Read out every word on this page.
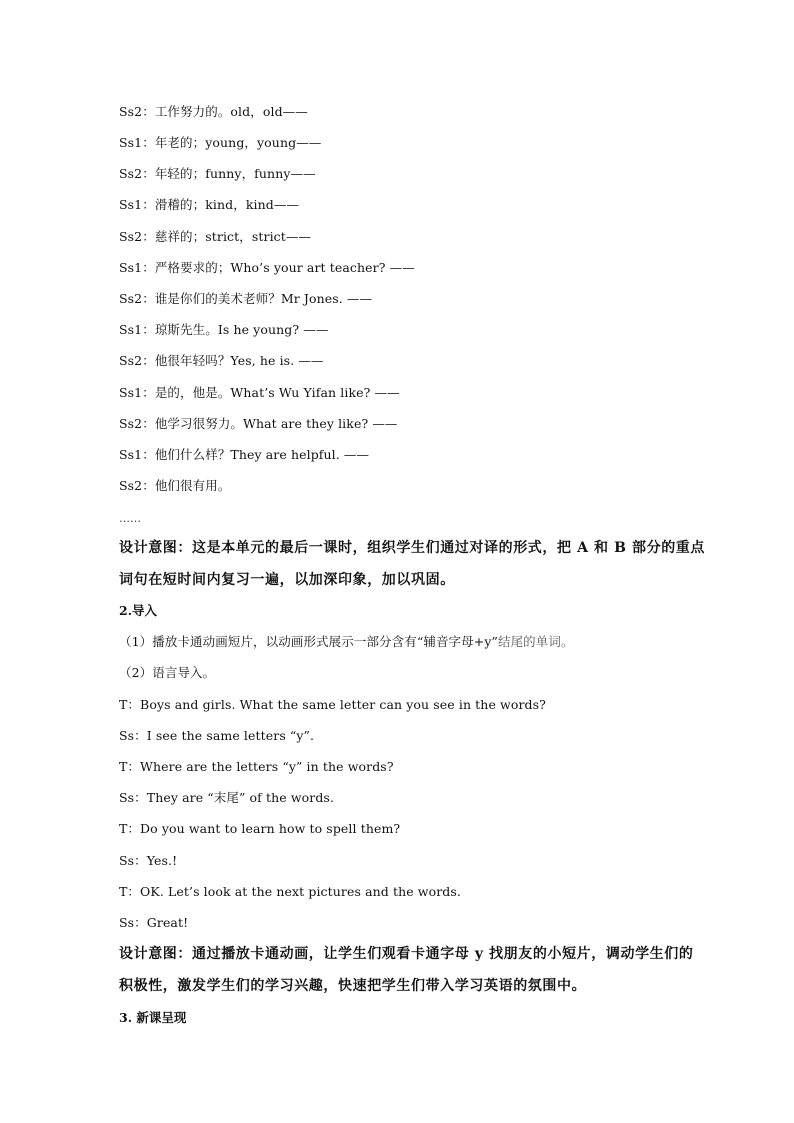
Ss2：工作努力的。old，old——
Ss1：年老的；young，young——
Ss2：年轻的；funny，funny——
Ss1：滑稽的；kind，kind——
Ss2：慈祥的；strict，strict——
Ss1：严格要求的；Who’s your art teacher? ——
Ss2：谁是你们的美术老师？Mr Jones. ——
Ss1：琼斯先生。Is he young? ——
Ss2：他很年轻吗？Yes, he is. ——
Ss1：是的，他是。What’s Wu Yifan like? ——
Ss2：他学习很努力。What are they like? ——
Ss1：他们什么样？They are helpful. ——
Ss2：他们很有用。
……
设计意图：这是本单元的最后一课时，组织学生们通过对译的形式，把 A 和 B 部分的重点
词句在短时间内复习一遍，以加深印象，加以巩固。
2.导入
（1）播放卡通动画短片，以动画形式展示一部分含有“辅音字母+y”结尾的单词。
（2）语言导入。
T：Boys and girls. What the same letter can you see in the words?
Ss：I see the same letters “y”.
T：Where are the letters “y” in the words?
Ss：They are “末尾” of the words.
T：Do you want to learn how to spell them?
Ss：Yes.!
T：OK. Let’s look at the next pictures and the words.
Ss：Great!
设计意图：通过播放卡通动画，让学生们观看卡通字母 y 找朋友的小短片，调动学生们的
积极性，激发学生们的学习兴趣，快速把学生们带入学习英语的氛围中。
3. 新课呈现
